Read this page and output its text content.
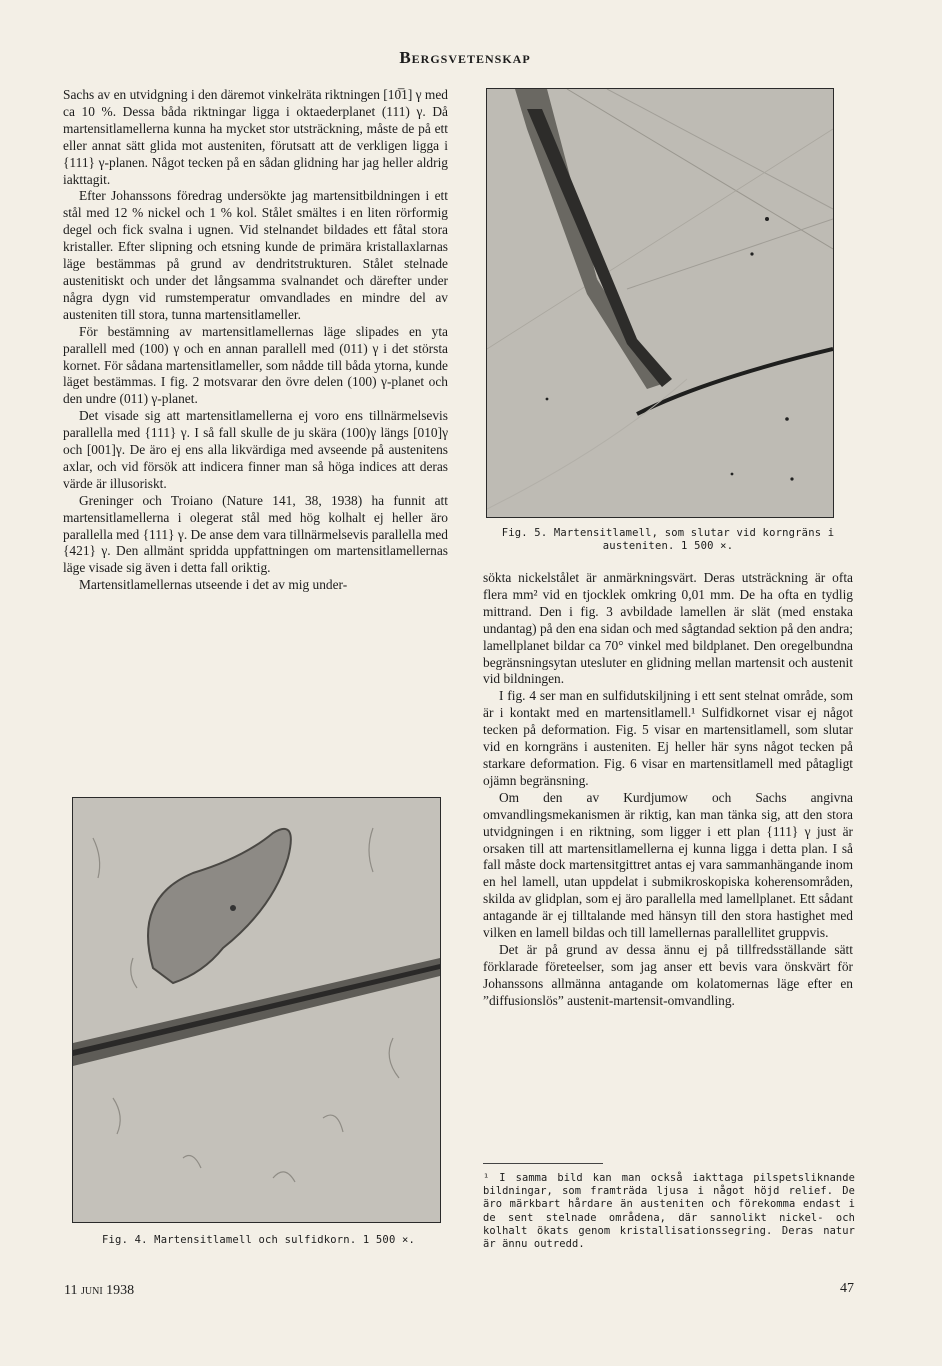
Bergsvetenskap

Sachs av en utvidgning i den däremot vinkelräta riktningen [10̅1] γ med ca 10 %. Dessa båda riktningar ligga i oktaederplanet (111) γ. Då martensitlamellerna kunna ha mycket stor utsträckning, måste de på ett eller annat sätt glida mot austeniten, förutsatt att de verkligen ligga i {111} γ-planen. Något tecken på en sådan glidning har jag heller aldrig iakttagit.

Efter Johanssons föredrag undersökte jag martensitbildningen i ett stål med 12 % nickel och 1 % kol. Stålet smältes i en liten rörformig degel och fick svalna i ugnen. Vid stelnandet bildades ett fåtal stora kristaller. Efter slipning och etsning kunde de primära kristallaxlarnas läge bestämmas på grund av dendritstrukturen. Stålet stelnade austenitiskt och under det långsamma svalnandet och därefter under några dygn vid rumstemperatur omvandlades en mindre del av austeniten till stora, tunna martensitlameller.

För bestämning av martensitlamellernas läge slipades en yta parallell med (100) γ och en annan parallell med (011) γ i det största kornet. För sådana martensitlameller, som nådde till båda ytorna, kunde läget bestämmas. I fig. 2 motsvarar den övre delen (100) γ-planet och den undre (011) γ-planet.

Det visade sig att martensitlamellerna ej voro ens tillnärmelsevis parallella med {111} γ. I så fall skulle de ju skära (100)γ längs [010]γ och [001]γ. De äro ej ens alla likvärdiga med avseende på austenitens axlar, och vid försök att indicera finner man så höga indices att deras värde är illusoriskt.

Greninger och Troiano (Nature 141, 38, 1938) ha funnit att martensitlamellerna i olegerat stål med hög kolhalt ej heller äro parallella med {111} γ. De anse dem vara tillnärmelsevis parallella med {421} γ. Den allmänt spridda uppfattningen om martensitlamellernas läge visade sig även i detta fall oriktig.

Martensitlamellernas utseende i det av mig under-

Fig. 5. Martensitlamell, som slutar vid korngräns i austeniten. 1 500 ×.
Fig. 4. Martensitlamell och sulfidkorn. 1 500 ×.

sökta nickelstålet är anmärkningsvärt. Deras utsträckning är ofta flera mm² vid en tjocklek omkring 0,01 mm. De ha ofta en tydlig mittrand. Den i fig. 3 avbildade lamellen är slät (med enstaka undantag) på den ena sidan och med sågtandad sektion på den andra; lamellplanet bildar ca 70° vinkel med bildplanet. Den oregelbundna begränsningsytan utesluter en glidning mellan martensit och austenit vid bildningen.

I fig. 4 ser man en sulfidutskiljning i ett sent stelnat område, som är i kontakt med en martensitlamell.¹ Sulfidkornet visar ej något tecken på deformation. Fig. 5 visar en martensitlamell, som slutar vid en korngräns i austeniten. Ej heller här syns något tecken på starkare deformation. Fig. 6 visar en martensitlamell med påtagligt ojämn begränsning.

Om den av Kurdjumow och Sachs angivna omvandlingsmekanismen är riktig, kan man tänka sig, att den stora utvidgningen i en riktning, som ligger i ett plan {111} γ just är orsaken till att martensitlamellerna ej kunna ligga i detta plan. I så fall måste dock martensitgittret antas ej vara sammanhängande inom en hel lamell, utan uppdelat i submikroskopiska koherensområden, skilda av glidplan, som ej äro parallella med lamellplanet. Ett sådant antagande är ej tilltalande med hänsyn till den stora hastighet med vilken en lamell bildas och till lamellernas parallellitet gruppvis.

Det är på grund av dessa ännu ej på tillfredsställande sätt förklarade företeelser, som jag anser ett bevis vara önskvärt för Johanssons allmänna antagande om kolatomernas läge efter en ”diffusionslös” austenit-martensit-omvandling.

¹ I samma bild kan man också iakttaga pilspetsliknande bildningar, som framträda ljusa i något höjd relief. De äro märkbart hårdare än austeniten och förekomma endast i de sent stelnade områdena, där sannolikt nickel- och kolhalt ökats genom kristallisationssegring. Deras natur är ännu outredd.
11 juni 1938	47
